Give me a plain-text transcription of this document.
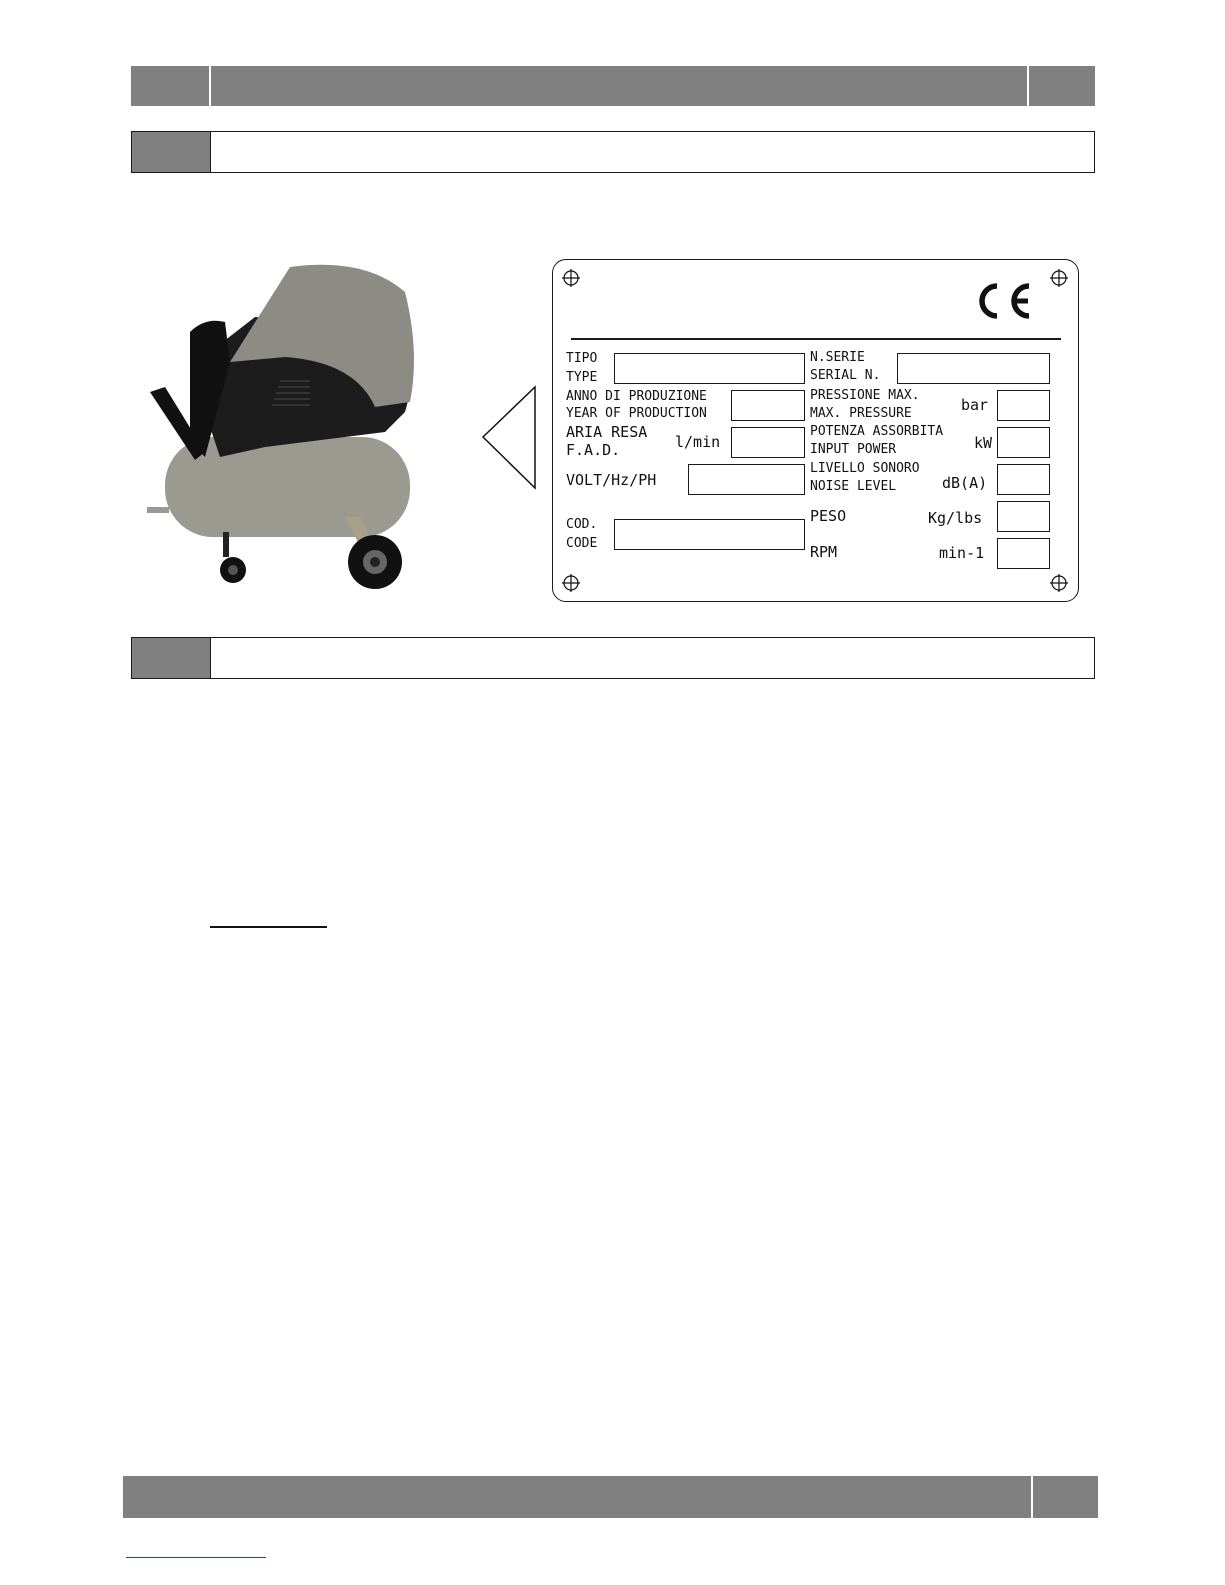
TIPO
TYPE
N.SERIE
SERIAL N.
ANNO DI PRODUZIONE
YEAR OF PRODUCTION
PRESSIONE MAX.
MAX. PRESSURE	bar
ARIA RESA
F.A.D.	l/min
POTENZA ASSORBITA
INPUT POWER	kW
VOLT/Hz/PH
LIVELLO SONORO
NOISE LEVEL	dB(A)
COD.
CODE
PESO	Kg/lbs
RPM	min-1
